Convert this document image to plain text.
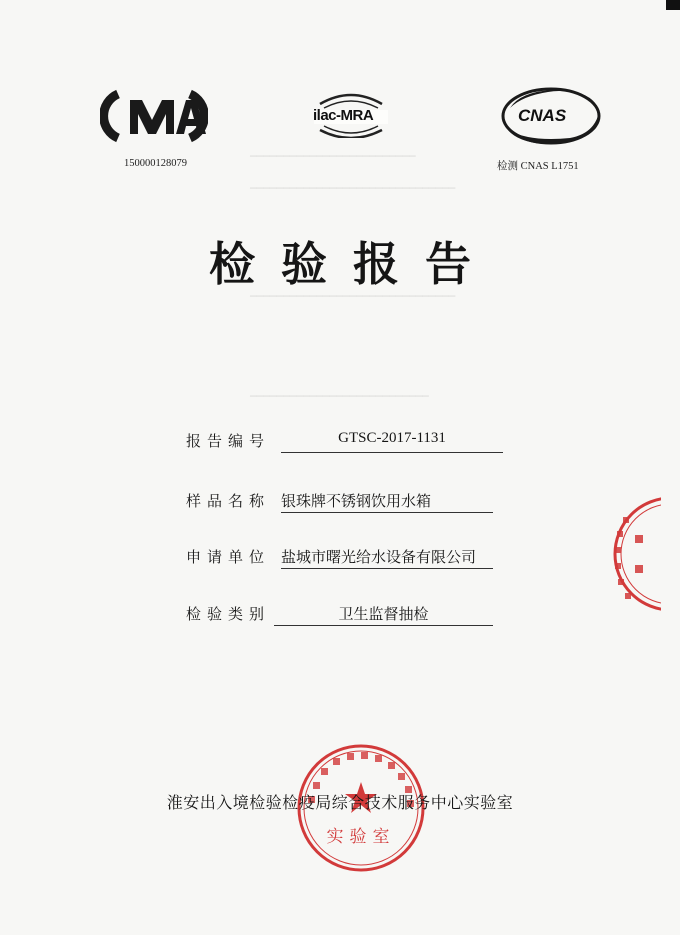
━━━━━━━━━━━━━━━━━━━━━━━━━
━━━━━━━━━━━━━━━━━━━━━━━━━━━━━━━
━━━━━━━━━━━━━━━━━━━━━━━━━━━━━━━
━━━━━━━━━━━━━━━━━━━━━━━━━━━
150000128079
ilac-MRA	CNAS
检测 CNAS L1751
检验报告
报告编号	GTSC-2017-1131
样品名称 银珠牌不锈钢饮用水箱
申请单位 盐城市曙光给水设备有限公司
检验类别	卫生监督抽检
实验室
淮安出入境检验检疫局综合技术服务中心实验室
